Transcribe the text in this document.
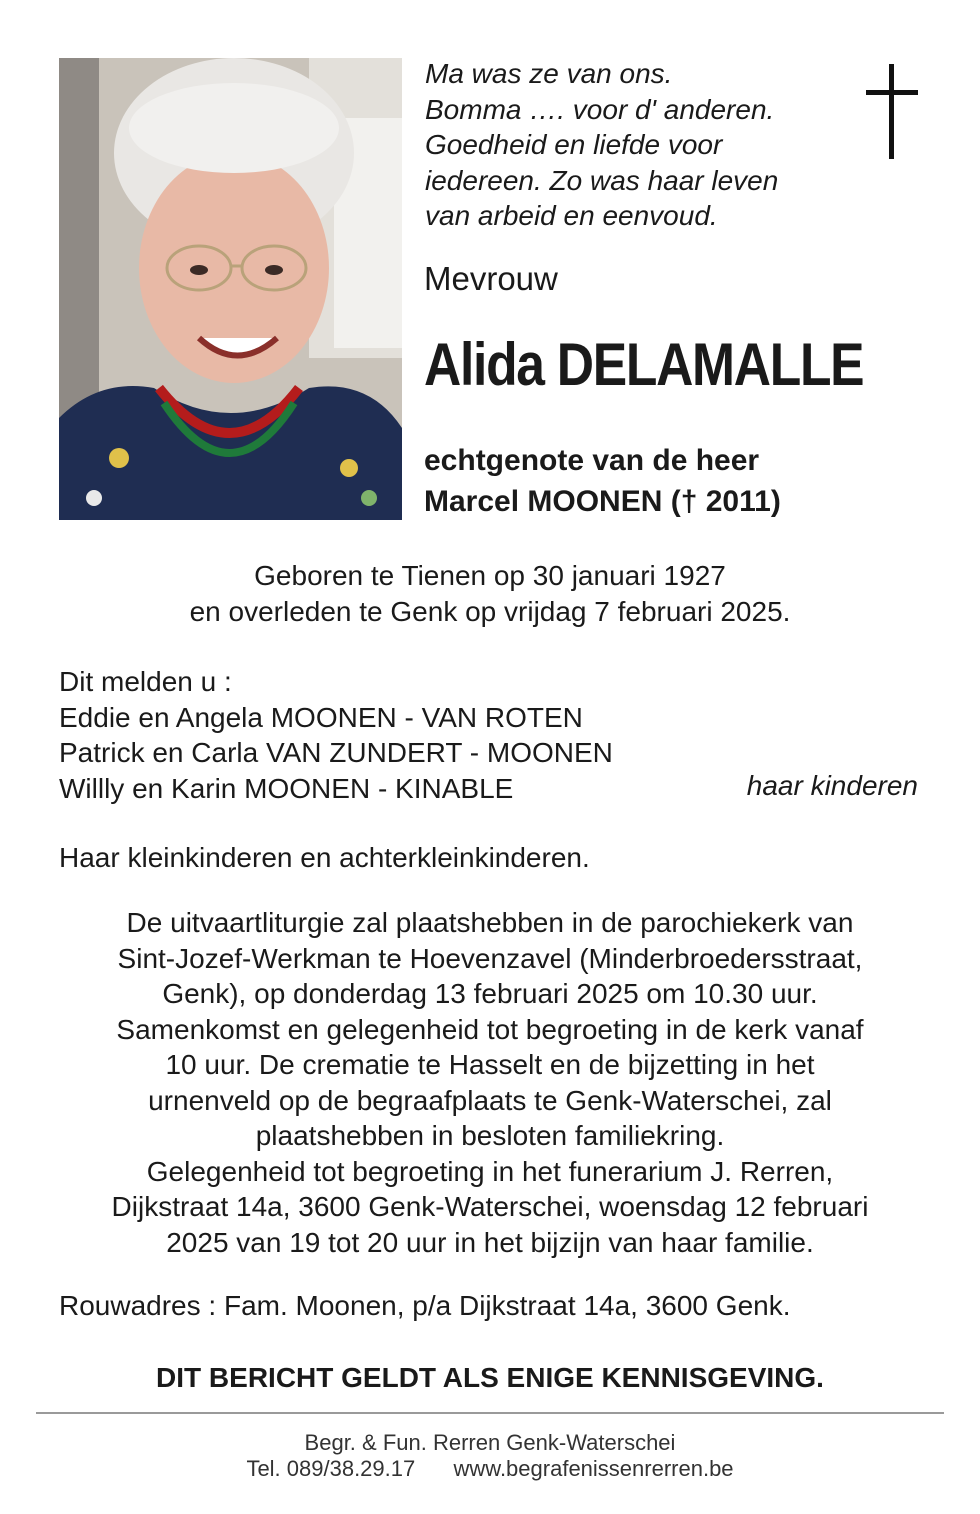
Ma was ze van ons.
Bomma …. voor d' anderen.
Goedheid en liefde voor
iedereen. Zo was haar leven
van arbeid en eenvoud.
Mevrouw
Alida DELAMALLE
echtgenote van de heer
Marcel MOONEN († 2011)
Geboren te Tienen op 30 januari 1927
en overleden te Genk op vrijdag 7 februari 2025.
Dit melden u :
Eddie en Angela MOONEN - VAN ROTEN
Patrick en Carla VAN ZUNDERT - MOONEN
Willly en Karin MOONEN - KINABLE	haar kinderen
Haar kleinkinderen en achterkleinkinderen.
De uitvaartliturgie zal plaatshebben in de parochiekerk van
Sint-Jozef-Werkman te Hoevenzavel (Minderbroedersstraat,
Genk), op donderdag 13 februari 2025 om 10.30 uur.
Samenkomst en gelegenheid tot begroeting in de kerk vanaf
10 uur. De crematie te Hasselt en de bijzetting in het
urnenveld op de begraafplaats te Genk-Waterschei, zal
plaatshebben in besloten familiekring.
Gelegenheid tot begroeting in het funerarium J. Rerren,
Dijkstraat 14a, 3600 Genk-Waterschei, woensdag 12 februari
2025 van 19 tot 20 uur in het bijzijn van haar familie.
Rouwadres : Fam. Moonen, p/a Dijkstraat 14a, 3600 Genk.
DIT BERICHT GELDT ALS ENIGE KENNISGEVING.
Begr. & Fun. Rerren Genk-Waterschei
Tel. 089/38.29.17 www.begrafenissenrerren.be
